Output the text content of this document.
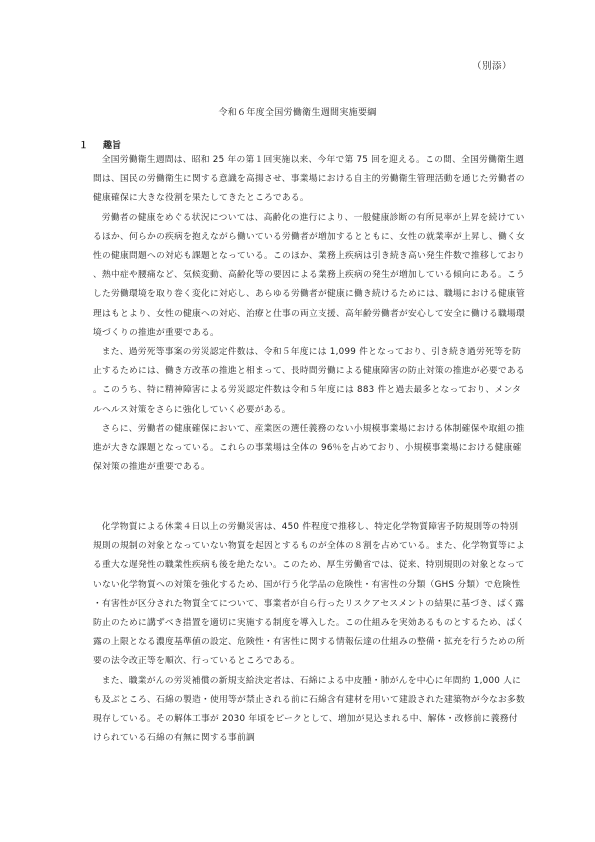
（別添）
令和６年度全国労働衛生週間実施要綱
１ 趣旨

全国労働衛生週間は、昭和 25 年の第１回実施以来、今年で第 75 回を迎える。この間、全国労働衛生週間は、国民の労働衛生に関する意識を高揚させ、事業場における自主的労働衛生管理活動を通じた労働者の健康確保に大きな役割を果たしてきたところである。

労働者の健康をめぐる状況については、高齢化の進行により、一般健康診断の有所見率が上昇を続けているほか、何らかの疾病を抱えながら働いている労働者が増加するとともに、女性の就業率が上昇し、働く女性の健康問題への対応も課題となっている。このほか、業務上疾病は引き続き高い発生件数で推移しており、熱中症や腰痛など、気候変動、高齢化等の要因による業務上疾病の発生が増加している傾向にある。こうした労働環境を取り巻く変化に対応し、あらゆる労働者が健康に働き続けるためには、職場における健康管理はもとより、女性の健康への対応、治療と仕事の両立支援、高年齢労働者が安心して安全に働ける職場環境づくりの推進が重要である。

また、過労死等事案の労災認定件数は、令和５年度には 1,099 件となっており、引き続き過労死等を防止するためには、働き方改革の推進と相まって、長時間労働による健康障害の防止対策の推進が必要である。このうち、特に精神障害による労災認定件数は令和５年度には 883 件と過去最多となっており、メンタルヘルス対策をさらに強化していく必要がある。

さらに、労働者の健康確保において、産業医の選任義務のない小規模事業場における体制確保や取組の推進が大きな課題となっている。これらの事業場は全体の 96％を占めており、小規模事業場における健康確保対策の推進が重要である。

化学物質による休業４日以上の労働災害は、450 件程度で推移し、特定化学物質障害予防規則等の特別規則の規制の対象となっていない物質を起因とするものが全体の８割を占めている。また、化学物質等による重大な遅発性の職業性疾病も後を絶たない。このため、厚生労働省では、従来、特別規則の対象となっていない化学物質への対策を強化するため、国が行う化学品の危険性・有害性の分類（GHS 分類）で危険性・有害性が区分された物質全てについて、事業者が自ら行ったリスクアセスメントの結果に基づき、ばく露防止のために講ずべき措置を適切に実施する制度を導入した。この仕組みを実効あるものとするため、ばく露の上限となる濃度基準値の設定、危険性・有害性に関する情報伝達の仕組みの整備・拡充を行うための所要の法令改正等を順次、行っているところである。

また、職業がんの労災補償の新規支給決定者は、石綿による中皮腫・肺がんを中心に年間約 1,000 人にも及ぶところ、石綿の製造・使用等が禁止される前に石綿含有建材を用いて建設された建築物が今なお多数現存している。その解体工事が 2030 年頃をピークとして、増加が見込まれる中、解体・改修前に義務付けられている石綿の有無に関する事前調
